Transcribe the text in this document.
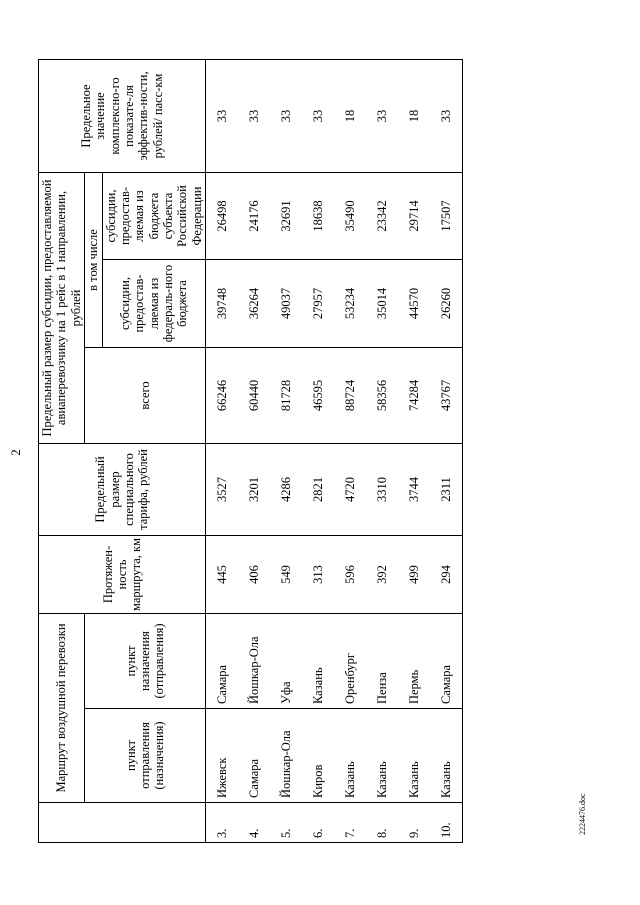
2
	Маршрут воздушной перевозки		Протяжен-ность маршрута, км	Предельный размер специального тарифа, рублей	Предельный размер субсидии, предоставляемой авиаперевозчику на 1 рейс в 1 направлении, рублей			Предельное значение комплексно-го показате-ля эффектив-ности, рублей/ пасс-км
	пункт отправления (назначения)	пункт назначения (отправления)			всего	в том числе		
						субсидии, предостав-ляемая из федераль-ного бюджета	субсидии, предостав-ляемая из бюджета субъекта Российской Федерации	
3.	Ижевск	Самара	445	3527	66246	39748	26498	33
4.	Самара	Йошкар-Ола	406	3201	60440	36264	24176	33
5.	Йошкар-Ола	Уфа	549	4286	81728	49037	32691	33
6.	Киров	Казань	313	2821	46595	27957	18638	33
7.	Казань	Оренбург	596	4720	88724	53234	35490	18
8.	Казань	Пенза	392	3310	58356	35014	23342	33
9.	Казань	Пермь	499	3744	74284	44570	29714	18
10.	Казань	Самара	294	2311	43767	26260	17507	33
2224476.doc
